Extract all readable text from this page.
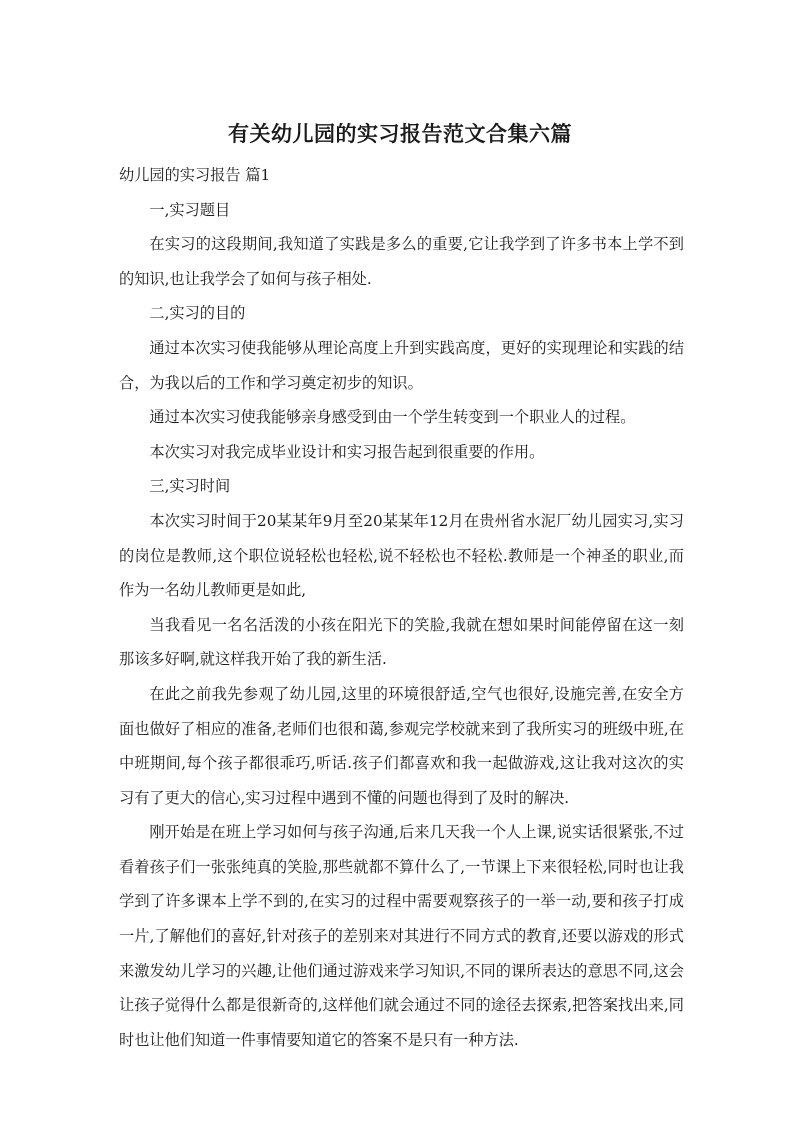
有关幼儿园的实习报告范文合集六篇

幼儿园的实习报告 篇1

一,实习题目

在实习的这段期间,我知道了实践是多么的重要,它让我学到了许多书本上学不到的知识,也让我学会了如何与孩子相处.

二,实习的目的

通过本次实习使我能够从理论高度上升到实践高度，更好的实现理论和实践的结合，为我以后的工作和学习奠定初步的知识。

通过本次实习使我能够亲身感受到由一个学生转变到一个职业人的过程。

本次实习对我完成毕业设计和实习报告起到很重要的作用。

三,实习时间

本次实习时间于20某某年9月至20某某年12月在贵州省水泥厂幼儿园实习,实习的岗位是教师,这个职位说轻松也轻松,说不轻松也不轻松.教师是一个神圣的职业,而作为一名幼儿教师更是如此,

当我看见一名名活泼的小孩在阳光下的笑脸,我就在想如果时间能停留在这一刻那该多好啊,就这样我开始了我的新生活.

在此之前我先参观了幼儿园,这里的环境很舒适,空气也很好,设施完善,在安全方面也做好了相应的准备,老师们也很和蔼,参观完学校就来到了我所实习的班级中班,在中班期间,每个孩子都很乖巧,听话.孩子们都喜欢和我一起做游戏,这让我对这次的实习有了更大的信心,实习过程中遇到不懂的问题也得到了及时的解决.

刚开始是在班上学习如何与孩子沟通,后来几天我一个人上课,说实话很紧张,不过看着孩子们一张张纯真的笑脸,那些就都不算什么了,一节课上下来很轻松,同时也让我学到了许多课本上学不到的,在实习的过程中需要观察孩子的一举一动,要和孩子打成一片,了解他们的喜好,针对孩子的差别来对其进行不同方式的教育,还要以游戏的形式来激发幼儿学习的兴趣,让他们通过游戏来学习知识,不同的课所表达的意思不同,这会让孩子觉得什么都是很新奇的,这样他们就会通过不同的途径去探索,把答案找出来,同时也让他们知道一件事情要知道它的答案不是只有一种方法.
